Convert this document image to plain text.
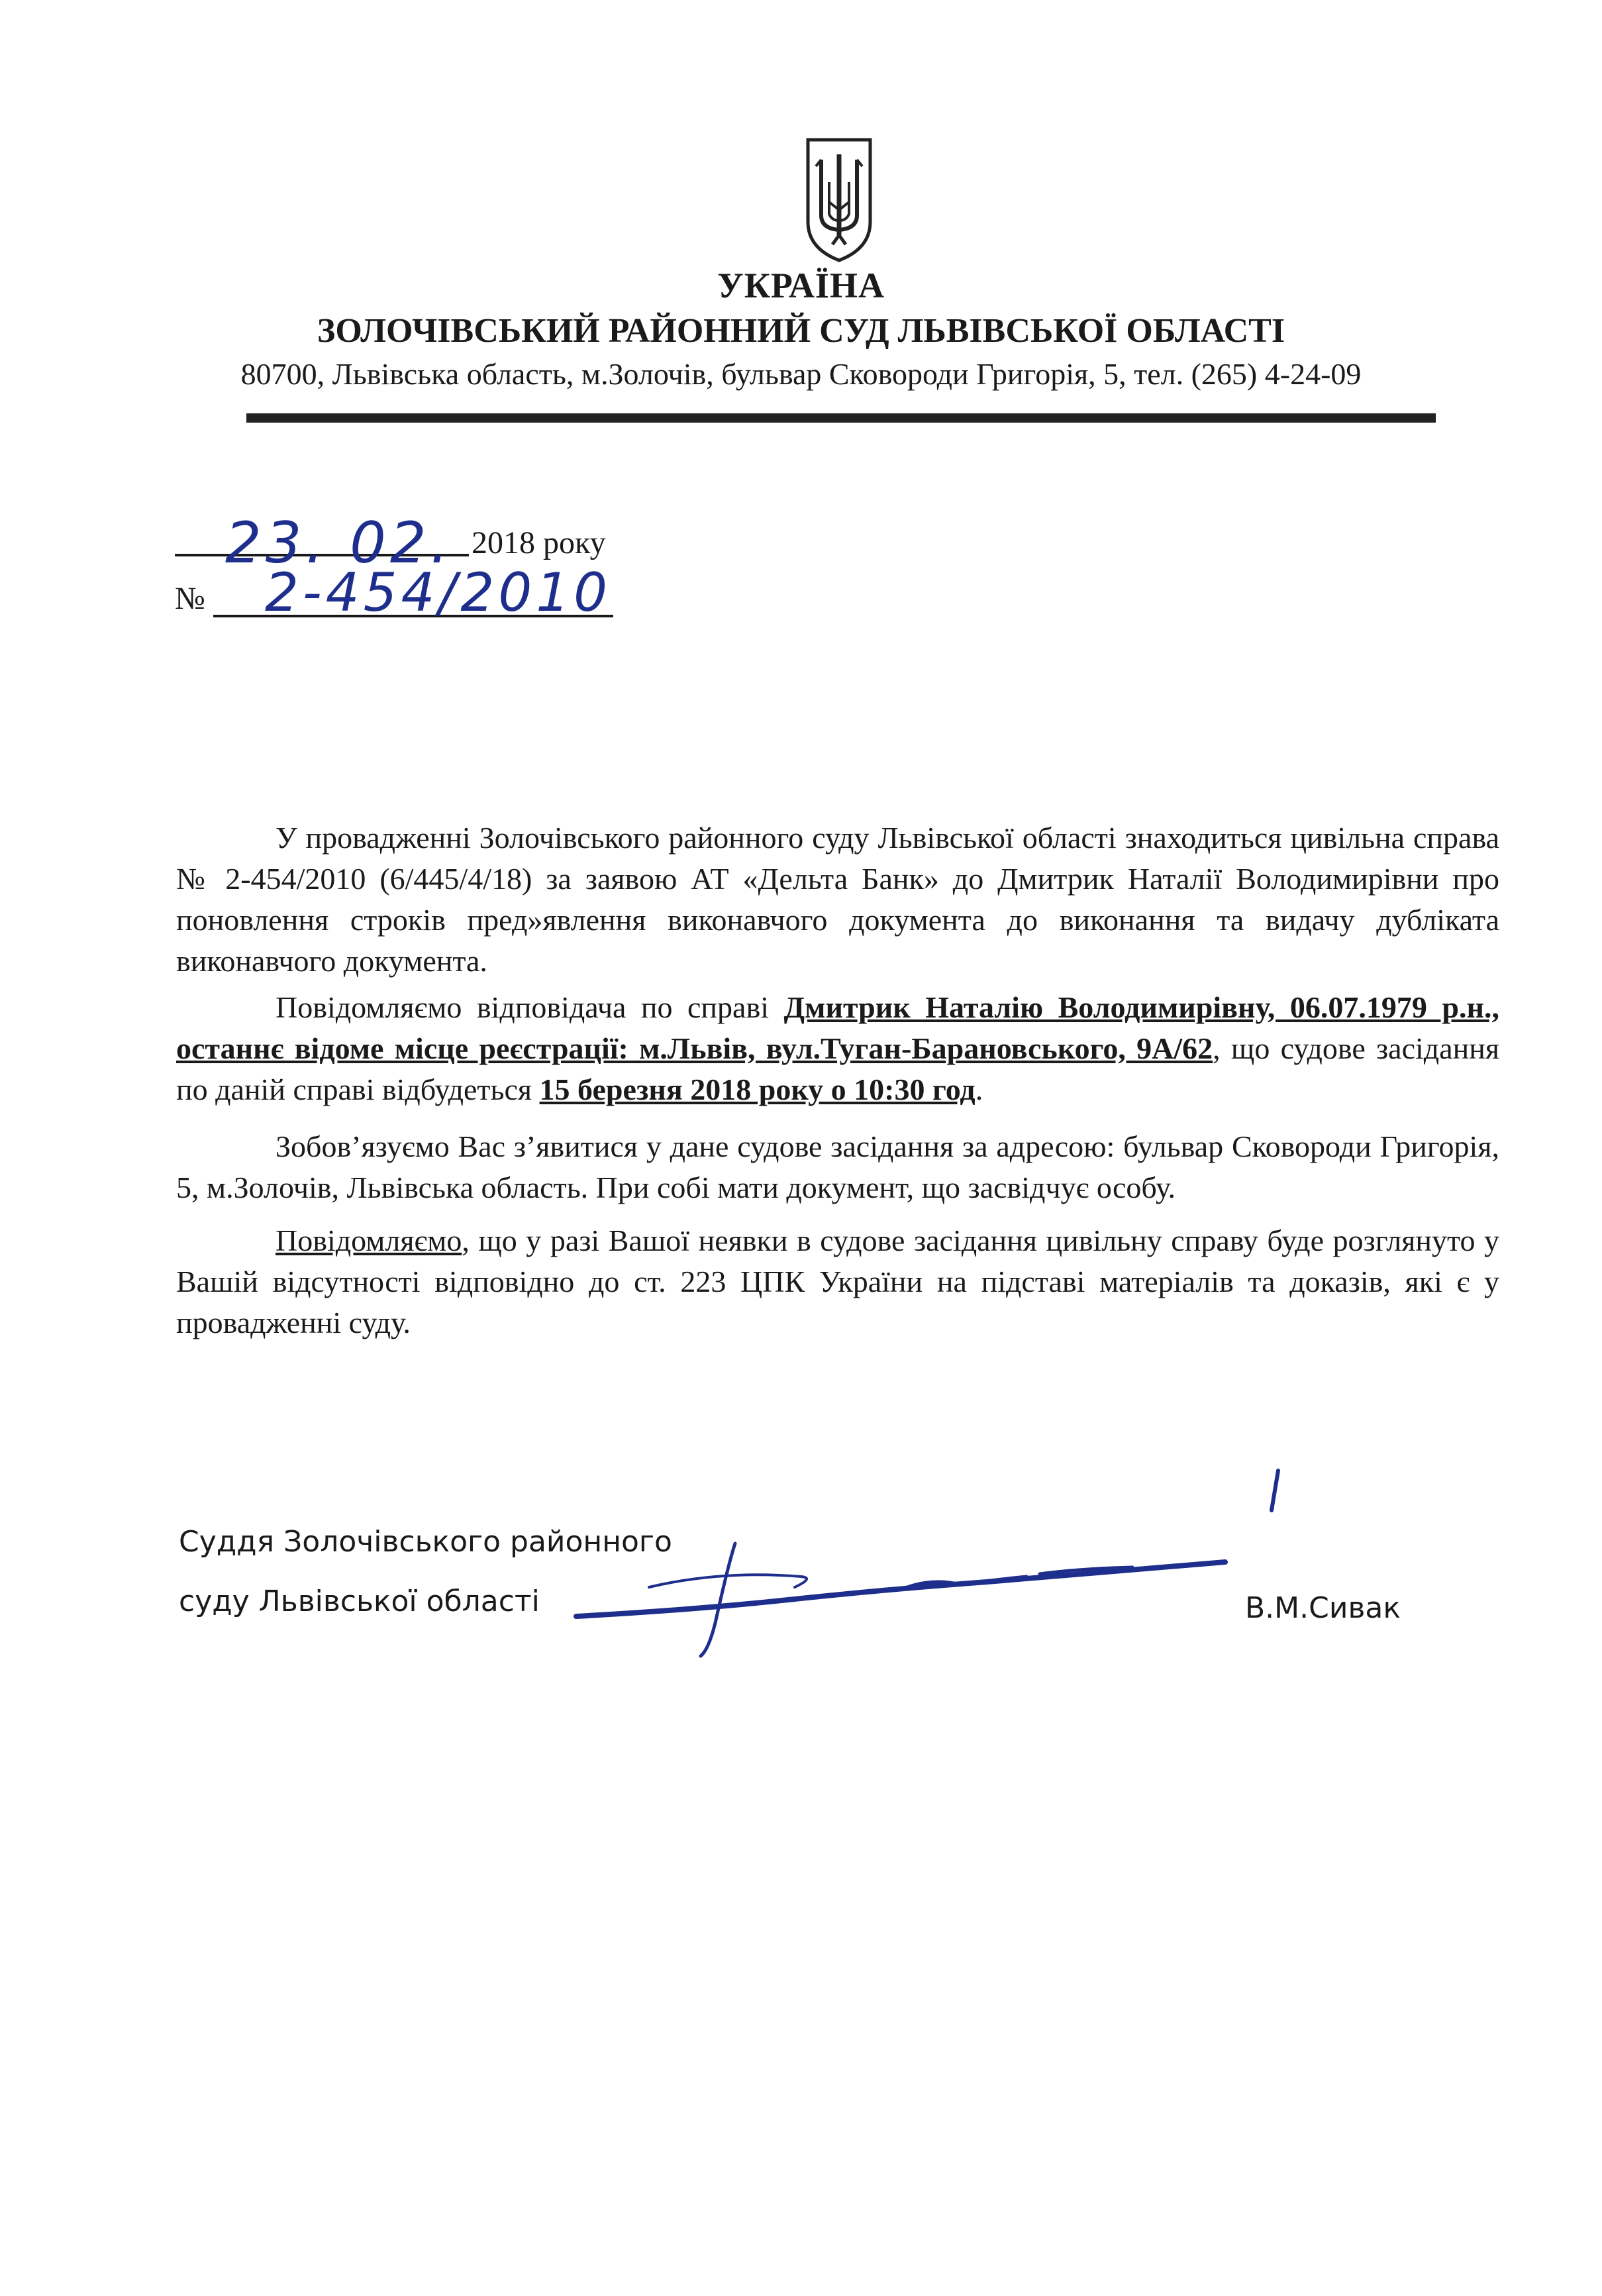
УКРАЇНА
ЗОЛОЧІВСЬКИЙ РАЙОННИЙ СУД ЛЬВІВСЬКОЇ ОБЛАСТІ
80700, Львівська область, м.Золочів, бульвар Сковороди Григорія, 5, тел. (265) 4-24-09
23. 02. 2018 року
№ 2-454/2010
У провадженні Золочівського районного суду Львівської області знаходиться цивільна справа № 2-454/2010 (6/445/4/18) за заявою АТ «Дельта Банк» до Дмитрик Наталії Володимирівни про поновлення строків пред»явлення виконавчого документа до виконання та видачу дубліката виконавчого документа.
Повідомляємо відповідача по справі Дмитрик Наталію Володимирівну, 06.07.1979 р.н., останнє відоме місце реєстрації: м.Львів, вул.Туган-Барановського, 9А/62, що судове засідання по даній справі відбудеться 15 березня 2018 року о 10:30 год.
Зобов’язуємо Вас з’явитися у дане судове засідання за адресою: бульвар Сковороди Григорія, 5, м.Золочів, Львівська область. При собі мати документ, що засвідчує особу.
Повідомляємо, що у разі Вашої неявки в судове засідання цивільну справу буде розглянуто у Вашій відсутності відповідно до ст. 223 ЦПК України на підставі матеріалів та доказів, які є у провадженні суду.
Суддя Золочівського районного
суду Львівської області	В.М.Сивак
